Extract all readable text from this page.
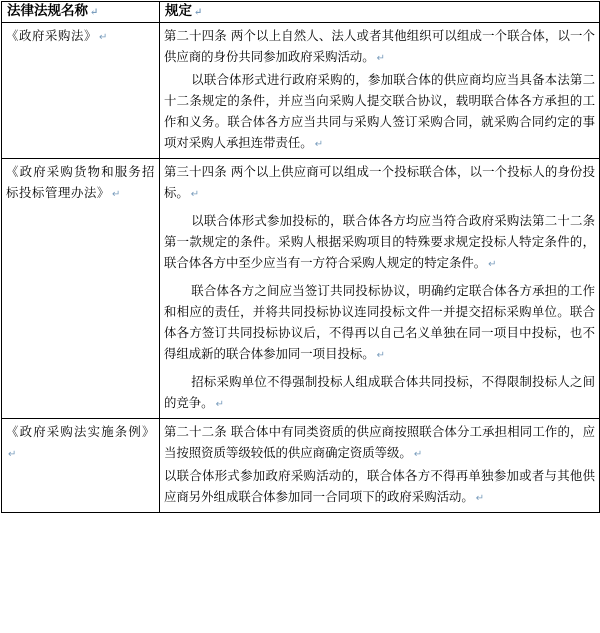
法律法规名称 ↵	规定 ↵
《政府采购法》 ↵	第二十四条 两个以上自然人、法人或者其他组织可以组成一个联合体，以一个供应商的身份共同参加政府采购活动。 ↵

以联合体形式进行政府采购的，参加联合体的供应商均应当具备本法第二十二条规定的条件，并应当向采购人提交联合协议，载明联合体各方承担的工作和义务。联合体各方应当共同与采购人签订采购合同，就采购合同约定的事项对采购人承担连带责任。 ↵

《政府采购货物和服务招标投标管理办法》 ↵	第三十四条 两个以上供应商可以组成一个投标联合体，以一个投标人的身份投标。 ↵

以联合体形式参加投标的，联合体各方均应当符合政府采购法第二十二条第一款规定的条件。采购人根据采购项目的特殊要求规定投标人特定条件的，联合体各方中至少应当有一方符合采购人规定的特定条件。 ↵

联合体各方之间应当签订共同投标协议，明确约定联合体各方承担的工作和相应的责任，并将共同投标协议连同投标文件一并提交招标采购单位。联合体各方签订共同投标协议后，不得再以自己名义单独在同一项目中投标，也不得组成新的联合体参加同一项目投标。 ↵

招标采购单位不得强制投标人组成联合体共同投标，不得限制投标人之间的竞争。 ↵

《政府采购法实施条例》↵	第二十二条 联合体中有同类资质的供应商按照联合体分工承担相同工作的，应当按照资质等级较低的供应商确定资质等级。 ↵

以联合体形式参加政府采购活动的，联合体各方不得再单独参加或者与其他供应商另外组成联合体参加同一合同项下的政府采购活动。 ↵
